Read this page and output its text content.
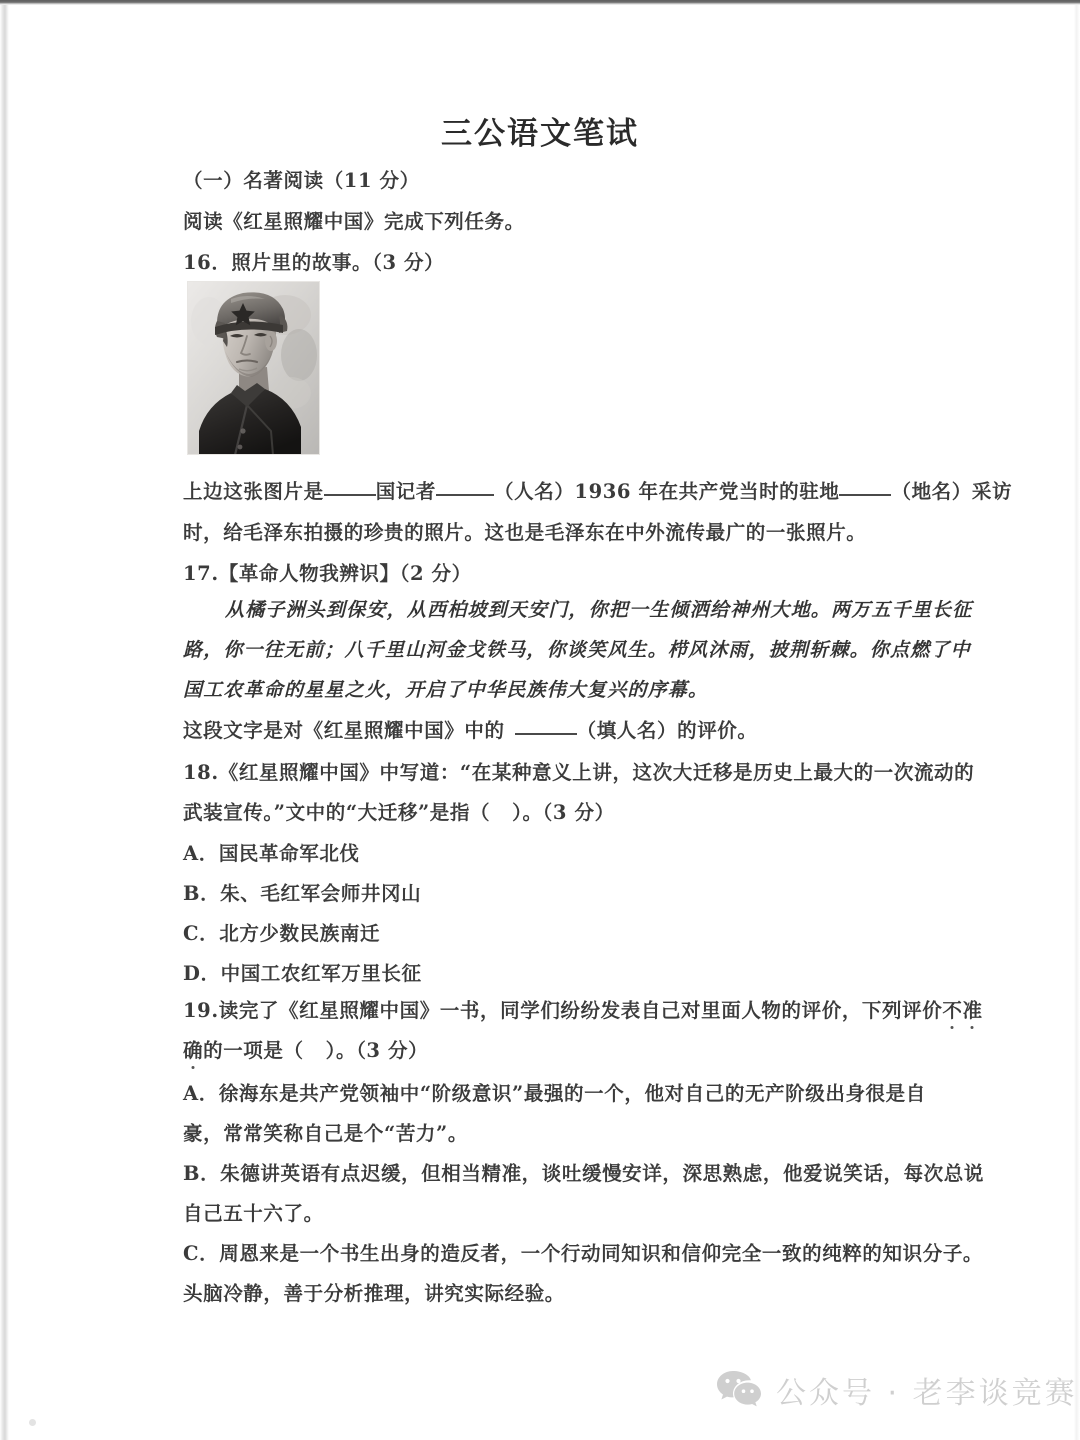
三公语文笔试
（一）名著阅读（11 分）
阅读《红星照耀中国》完成下列任务。
16．照片里的故事。（3 分）
上边这张图片是	国记者	（人名）1936 年在共产党当时的驻地	（地名）采访
时，给毛泽东拍摄的珍贵的照片。这也是毛泽东在中外流传最广的一张照片。
17.【革命人物我辨识】（2 分）
从橘子洲头到保安，从西柏坡到天安门，你把一生倾洒给神州大地。两万五千里长征
路，你一往无前；八千里山河金戈铁马，你谈笑风生。栉风沐雨，披荆斩棘。你点燃了中
国工农革命的星星之火，开启了中华民族伟大复兴的序幕。
这段文字是对《红星照耀中国》中的	（填人名）的评价。
18.《红星照耀中国》中写道：“在某种意义上讲，这次大迁移是历史上最大的一次流动的
武装宣传。”文中的“大迁移”是指（ ）。（3 分）
A．国民革命军北伐
B．朱、毛红军会师井冈山
C．北方少数民族南迁
D．中国工农红军万里长征
19.读完了《红星照耀中国》一书，同学们纷纷发表自己对里面人物的评价，下列评价不准
确的一项是（ ）。（3 分）
A．徐海东是共产党领袖中“阶级意识”最强的一个，他对自己的无产阶级出身很是自
豪，常常笑称自己是个“苦力”。
B．朱德讲英语有点迟缓，但相当精准，谈吐缓慢安详，深思熟虑，他爱说笑话，每次总说
自己五十六了。
C．周恩来是一个书生出身的造反者，一个行动同知识和信仰完全一致的纯粹的知识分子。
头脑冷静，善于分析推理，讲究实际经验。
公众号 · 老李谈竞赛
